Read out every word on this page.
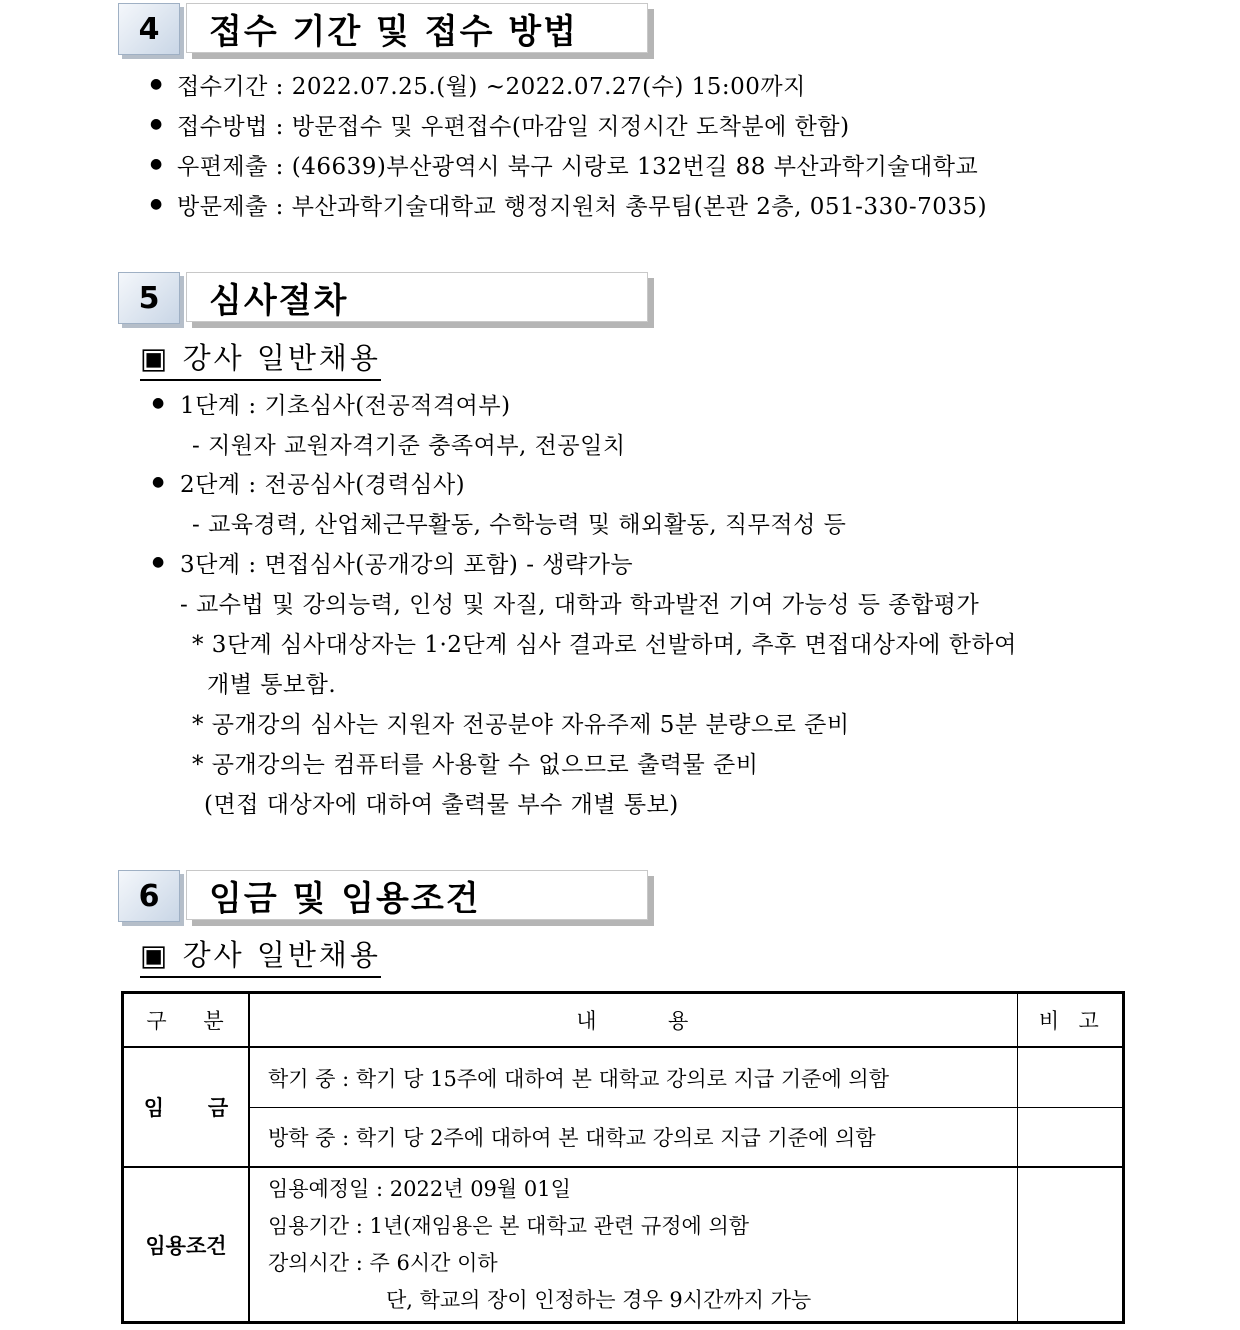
4	접수 기간 및 접수 방법
● 접수기간 : 2022.07.25.(월) ~2022.07.27(수) 15:00까지
● 접수방법 : 방문접수 및 우편접수(마감일 지정시간 도착분에 한함)
● 우편제출 : (46639)부산광역시 북구 시랑로 132번길 88 부산과학기술대학교
● 방문제출 : 부산과학기술대학교 행정지원처 총무팀(본관 2층, 051-330-7035)
5	심사절차
▣ 강사 일반채용
● 1단계 : 기초심사(전공적격여부)
- 지원자 교원자격기준 충족여부, 전공일치
● 2단계 : 전공심사(경력심사)
- 교육경력, 산업체근무활동, 수학능력 및 해외활동, 직무적성 등
● 3단계 : 면접심사(공개강의 포함) - 생략가능
- 교수법 및 강의능력, 인성 및 자질, 대학과 학과발전 기여 가능성 등 종합평가
* 3단계 심사대상자는 1·2단계 심사 결과로 선발하며, 추후 면접대상자에 한하여
개별 통보함.
* 공개강의 심사는 지원자 전공분야 자유주제 5분 분량으로 준비
* 공개강의는 컴퓨터를 사용할 수 없으므로 출력물 준비
(면접 대상자에 대하여 출력물 부수 개별 통보)
6	임금 및 임용조건
▣ 강사 일반채용
구    분	내        용	비  고
임      금	학기 중 : 학기 당 15주에 대하여 본 대학교 강의로 지급 기준에 의함	
	방학 중 : 학기 당 2주에 대하여 본 대학교 강의로 지급 기준에 의함	
임용조건	임용예정일 : 2022년 09월 01일
임용기간 : 1년(재임용은 본 대학교 관련 규정에 의함
강의시간 : 주 6시간 이하
단, 학교의 장이 인정하는 경우 9시간까지 가능	
